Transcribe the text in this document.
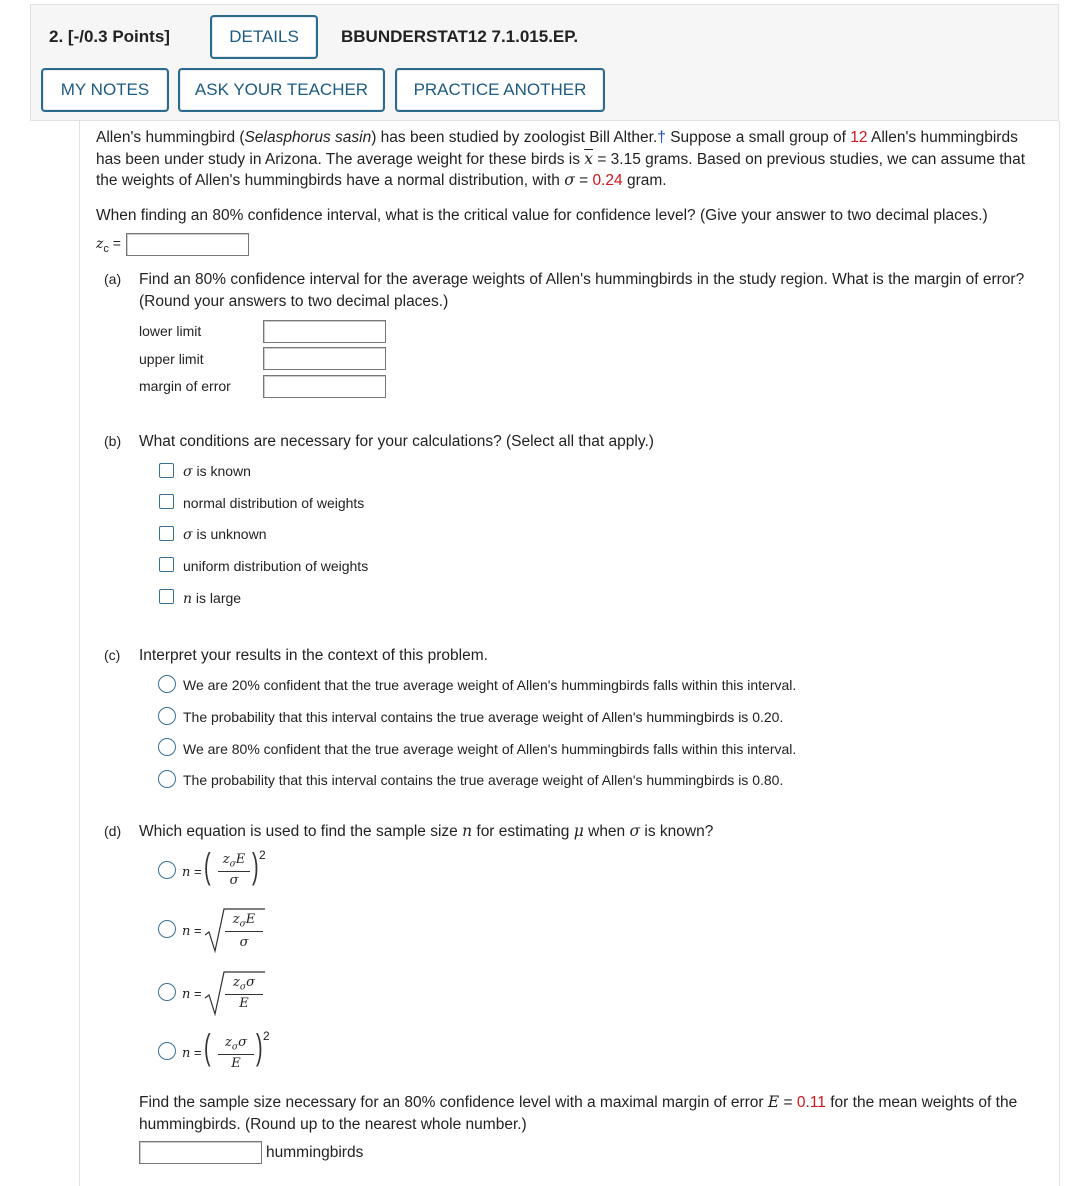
2. [-/0.3 Points]	DETAILS	BBUNDERSTAT12 7.1.015.EP.
MY NOTES	ASK YOUR TEACHER	PRACTICE ANOTHER
Allen's hummingbird (Selasphorus sasin) has been studied by zoologist Bill Alther.† Suppose a small group of 12 Allen's hummingbirds
has been under study in Arizona. The average weight for these birds is $\overline{x} = 3.15$ grams. Based on previous studies, we can assume that
the weights of Allen's hummingbirds have a normal distribution, with σ = 0.24 gram.
When finding an 80% confidence interval, what is the critical value for confidence level? (Give your answer to two decimal places.)
$z_c$ =
(a) Find an 80% confidence interval for the average weights of Allen's hummingbirds in the study region. What is the margin of error?
(Round your answers to two decimal places.)
lower limit
upper limit
margin of error
(b) What conditions are necessary for your calculations? (Select all that apply.)
σ is known
normal distribution of weights
σ is unknown
uniform distribution of weights
n is large
(c) Interpret your results in the context of this problem.
We are 20% confident that the true average weight of Allen's hummingbirds falls within this interval.
The probability that this interval contains the true average weight of Allen's hummingbirds is 0.20.
We are 80% confident that the true average weight of Allen's hummingbirds falls within this interval.
The probability that this interval contains the true average weight of Allen's hummingbirds is 0.80.
(d) Which equation is used to find the sample size n for estimating μ when σ is known?
n = ( $z_\sigma E$
σ ) 2
n =
$z_\sigma E$
σ
n =
$z_\sigma\sigma$
E
n = (	$z_\sigma\sigma$
E ) 2
Find the sample size necessary for an 80% confidence level with a maximal margin of error E = 0.11 for the mean weights of the
hummingbirds. (Round up to the nearest whole number.)
hummingbirds
